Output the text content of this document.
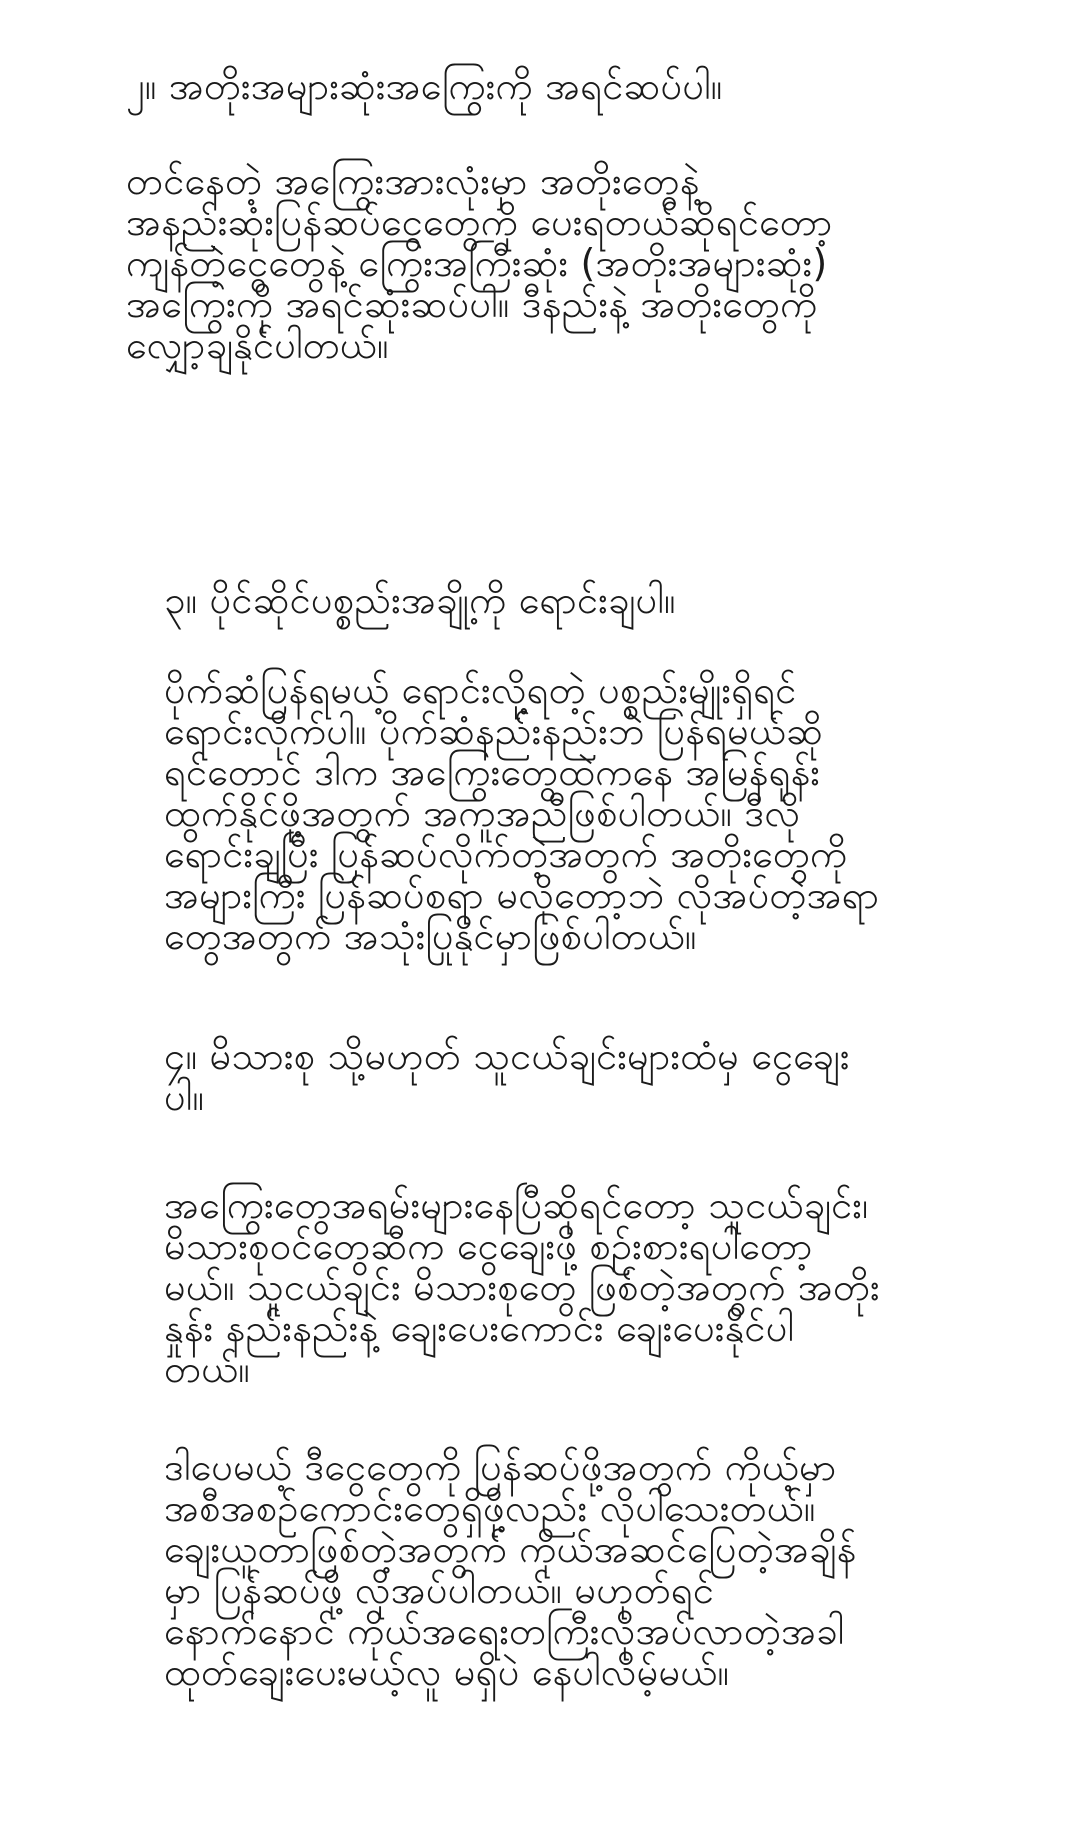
၂။ အတိုးအများဆုံးအကြွေးကို အရင်ဆပ်ပါ။
တင်နေတဲ့ အကြွေးအားလုံးမှာ အတိုးတွေနဲ့
အနည်းဆုံးပြန်ဆပ်ငွေတွေကို ပေးရတယ်ဆိုရင်တော့
ကျန်တဲ့ငွေတွေနဲ့ ကြွေးအကြီးဆုံး (အတိုးအများဆုံး)
အကြွေးကို အရင်ဆုံးဆပ်ပါ။ ဒီနည်းနဲ့ အတိုးတွေကို
လျှော့ချနိုင်ပါတယ်။
၃။ ပိုင်ဆိုင်ပစ္စည်းအချို့ကို ရောင်းချပါ။
ပိုက်ဆံပြန်ရမယ့် ရောင်းလို့ရတဲ့ ပစ္စည်းမျိုးရှိရင်
ရောင်းလိုက်ပါ။ ပိုက်ဆံနည်းနည်းဘဲ ပြန်ရမယ်ဆို
ရင်တောင် ဒါက အကြွေးတွေထဲကနေ အမြန်ရုန်း
ထွက်နိုင်ဖို့အတွက် အကူအညီဖြစ်ပါတယ်။ ဒီလို
ရောင်းချပြီး ပြန်ဆပ်လိုက်တဲ့အတွက် အတိုးတွေကို
အများကြီး ပြန်ဆပ်စရာ မလိုတော့ဘဲ လိုအပ်တဲ့အရာ
တွေအတွက် အသုံးပြုနိုင်မှာဖြစ်ပါတယ်။
၄။ မိသားစု သို့မဟုတ် သူငယ်ချင်းများထံမှ ငွေချေး
ပါ။
အကြွေးတွေအရမ်းများနေပြီဆိုရင်တော့ သူငယ်ချင်း၊
မိသားစုဝင်တွေဆီက ငွေချေးဖို့ စဉ်းစားရပါတော့
မယ်။ သူငယ်ချင်း မိသားစုတွေ ဖြစ်တဲ့အတွက် အတိုး
နှုန်း နည်းနည်းနဲ့ ချေးပေးကောင်း ချေးပေးနိုင်ပါ
တယ်။
ဒါပေမယ့် ဒီငွေတွေကို ပြန်ဆပ်ဖို့အတွက် ကိုယ့်မှာ
အစီအစဉ်ကောင်းတွေရှိဖို့လည်း လိုပါသေးတယ်။
ချေးယူတာဖြစ်တဲ့အတွက် ကိုယ်အဆင်ပြေတဲ့အချိန်
မှာ ပြန်ဆပ်ဖို့ လိုအပ်ပါတယ်။ မဟုတ်ရင်
နောက်နောင် ကိုယ်အရေးတကြီးလိုအပ်လာတဲ့အခါ
ထုတ်ချေးပေးမယ့်လူ မရှိပဲ နေပါလိမ့်မယ်။
